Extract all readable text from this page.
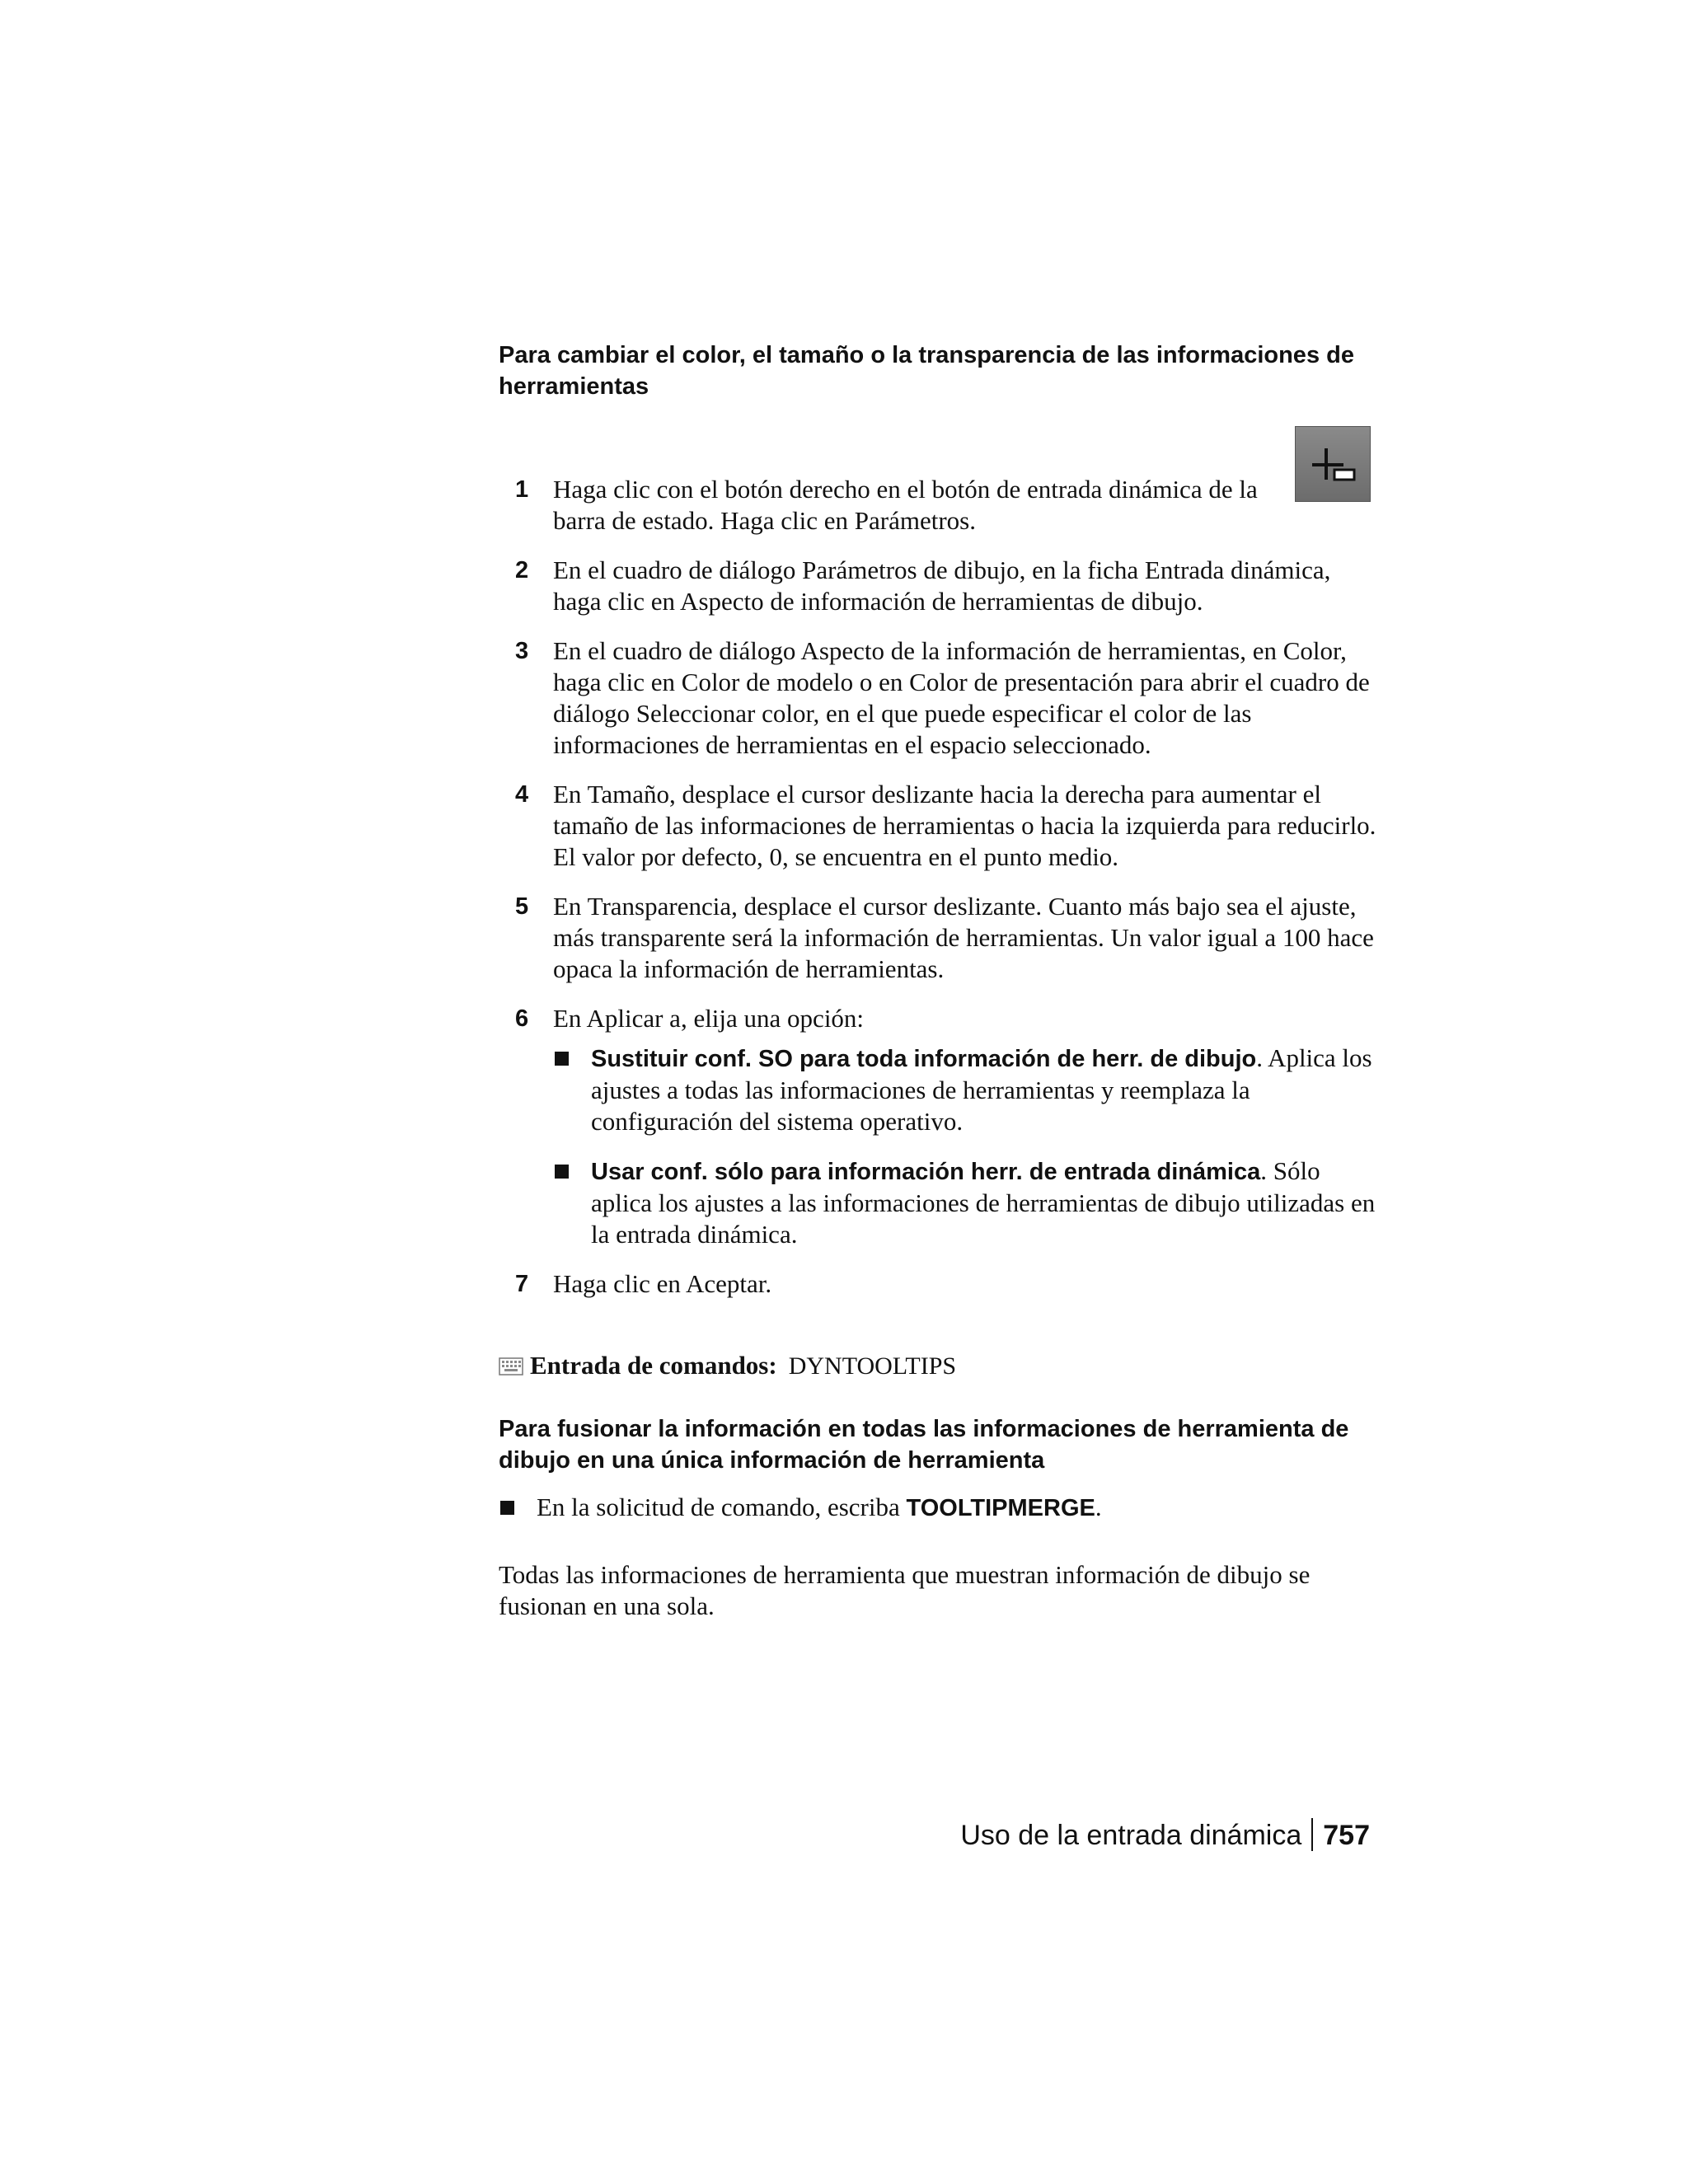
Para cambiar el color, el tamaño o la transparencia de las informaciones de herramientas
1 Haga clic con el botón derecho en el botón de entrada dinámica de la barra de estado. Haga clic en Parámetros.
2 En el cuadro de diálogo Parámetros de dibujo, en la ficha Entrada dinámica, haga clic en Aspecto de información de herramientas de dibujo.
3 En el cuadro de diálogo Aspecto de la información de herramientas, en Color, haga clic en Color de modelo o en Color de presentación para abrir el cuadro de diálogo Seleccionar color, en el que puede especificar el color de las informaciones de herramientas en el espacio seleccionado.
4 En Tamaño, desplace el cursor deslizante hacia la derecha para aumentar el tamaño de las informaciones de herramientas o hacia la izquierda para reducirlo. El valor por defecto, 0, se encuentra en el punto medio.
5 En Transparencia, desplace el cursor deslizante. Cuanto más bajo sea el ajuste, más transparente será la información de herramientas. Un valor igual a 100 hace opaca la información de herramientas.
6 En Aplicar a, elija una opción:
Sustituir conf. SO para toda información de herr. de dibujo. Aplica los ajustes a todas las informaciones de herramientas y reemplaza la configuración del sistema operativo.
Usar conf. sólo para información herr. de entrada dinámica. Sólo aplica los ajustes a las informaciones de herramientas de dibujo utilizadas en la entrada dinámica.
7 Haga clic en Aceptar.
Entrada de comandos: DYNTOOLTIPS
Para fusionar la información en todas las informaciones de herramienta de dibujo en una única información de herramienta
En la solicitud de comando, escriba TOOLTIPMERGE.
Todas las informaciones de herramienta que muestran información de dibujo se fusionan en una sola.
Uso de la entrada dinámica 757
